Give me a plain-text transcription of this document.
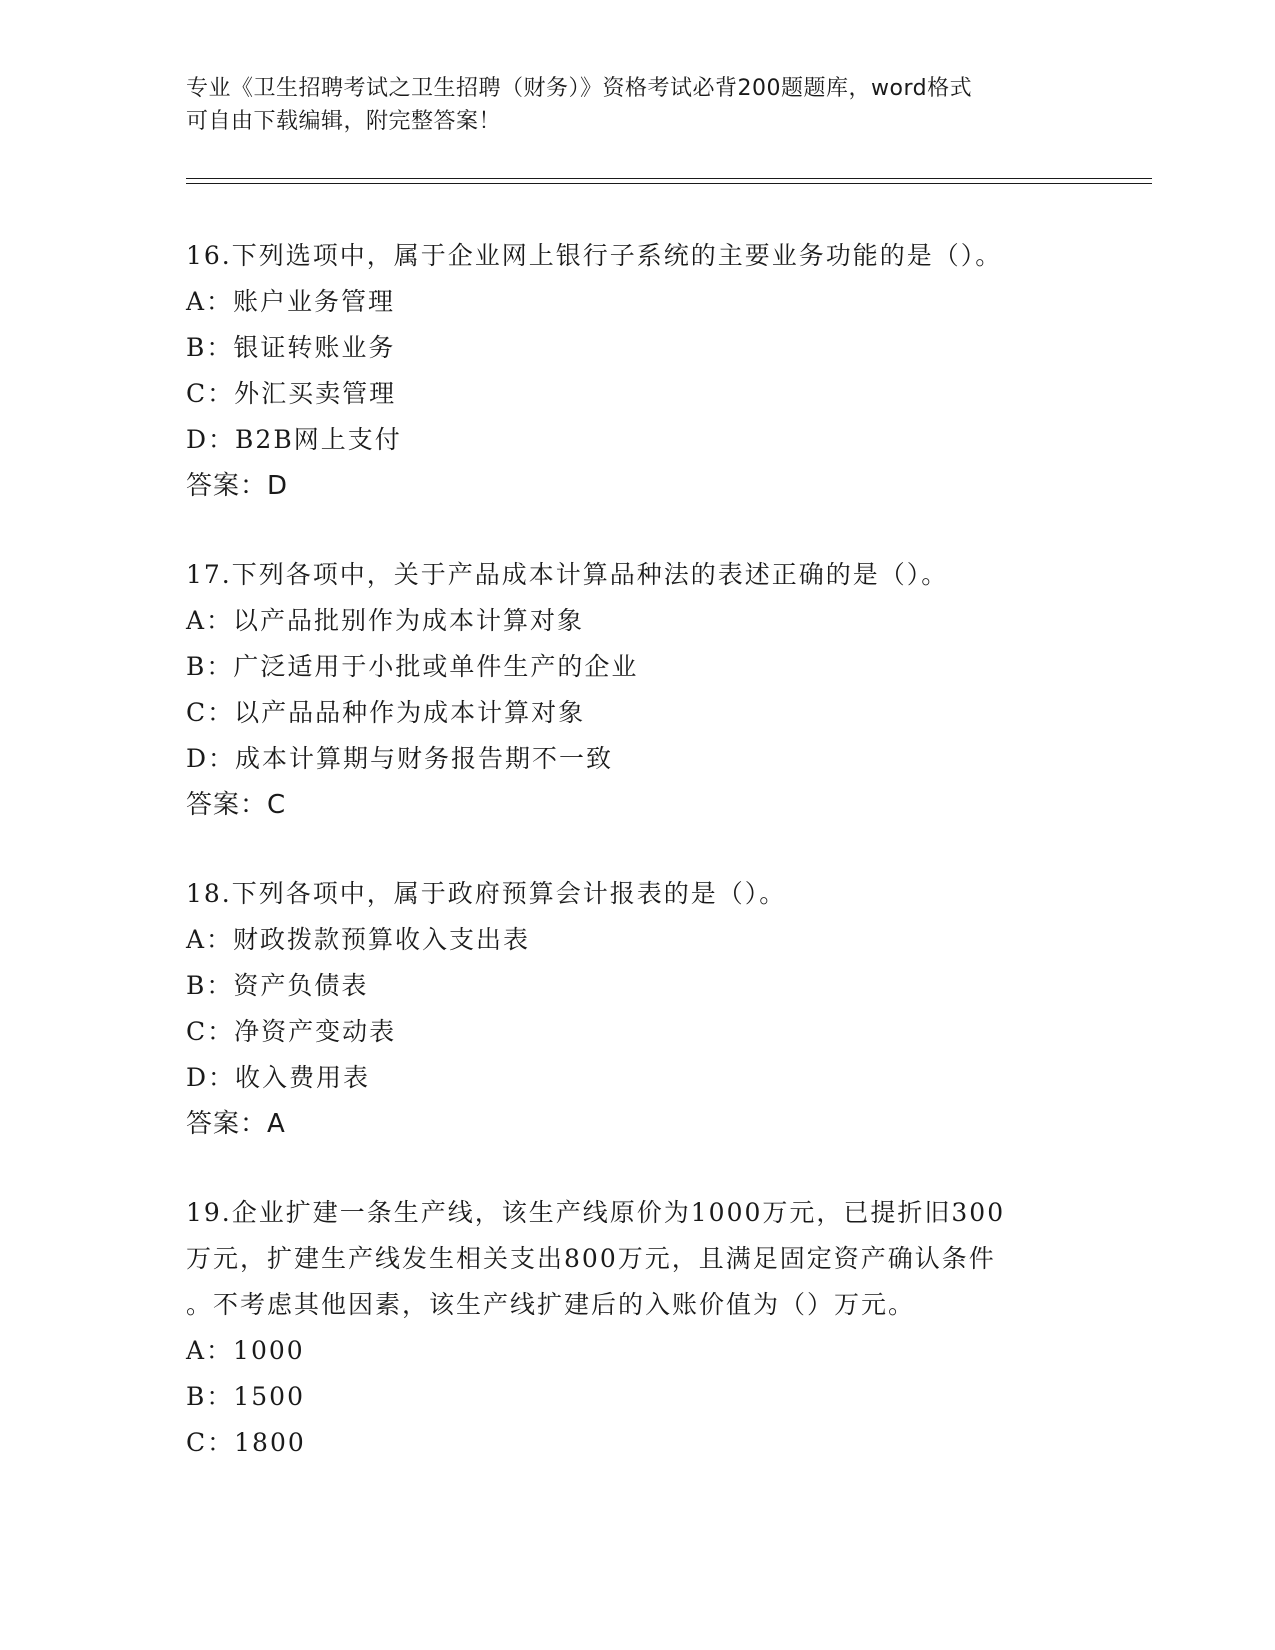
专业《卫生招聘考试之卫生招聘（财务）》资格考试必背200题题库，word格式
可自由下载编辑，附完整答案！
16.下列选项中，属于企业网上银行子系统的主要业务功能的是（）。
A：账户业务管理
B：银证转账业务
C：外汇买卖管理
D：B2B网上支付
答案：D
17.下列各项中，关于产品成本计算品种法的表述正确的是（）。
A：以产品批别作为成本计算对象
B：广泛适用于小批或单件生产的企业
C：以产品品种作为成本计算对象
D：成本计算期与财务报告期不一致
答案：C
18.下列各项中，属于政府预算会计报表的是（）。
A：财政拨款预算收入支出表
B：资产负债表
C：净资产变动表
D：收入费用表
答案：A
19.企业扩建一条生产线，该生产线原价为1000万元，已提折旧300
万元，扩建生产线发生相关支出800万元，且满足固定资产确认条件
。不考虑其他因素，该生产线扩建后的入账价值为（）万元。
A：1000
B：1500
C：1800
